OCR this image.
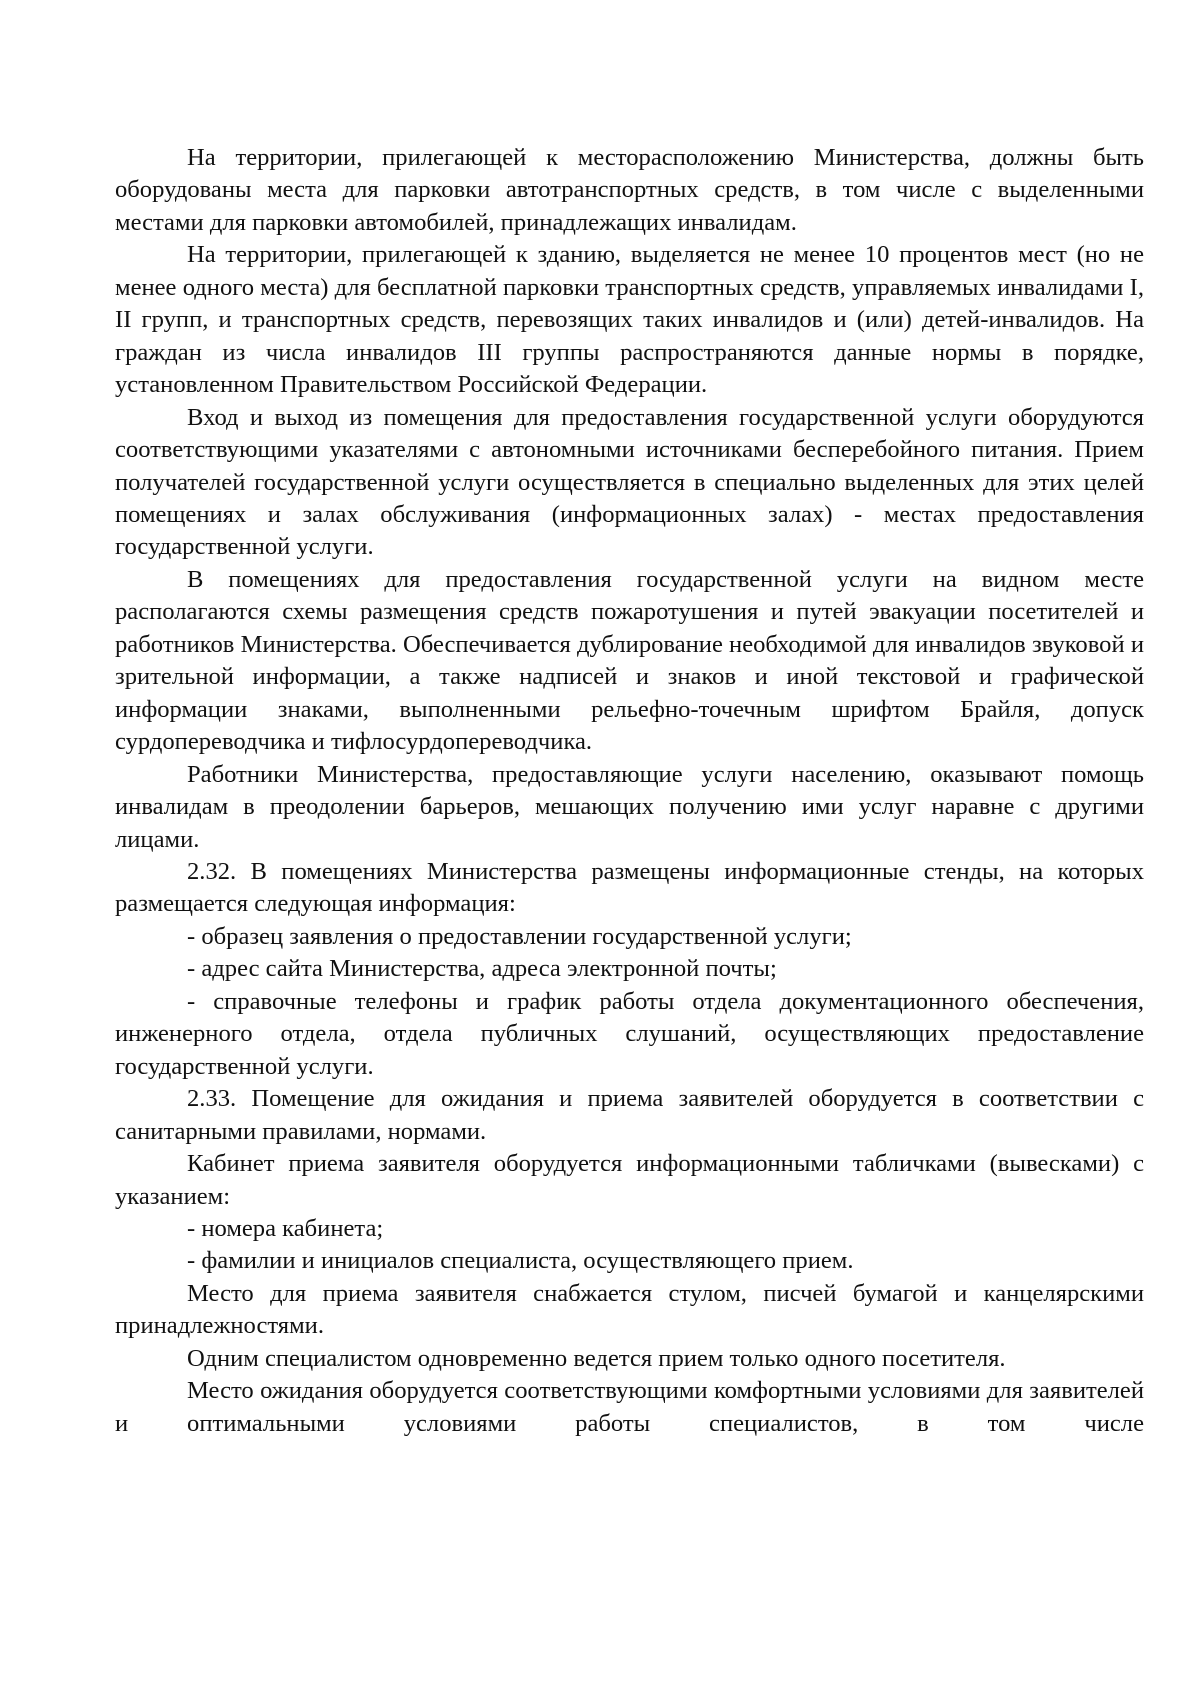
На территории, прилегающей к месторасположению Министерства, должны быть оборудованы места для парковки автотранспортных средств, в том числе с выделенными местами для парковки автомобилей, принадлежащих инвалидам.

На территории, прилегающей к зданию, выделяется не менее 10 процентов мест (но не менее одного места) для бесплатной парковки транспортных средств, управляемых инвалидами I, II групп, и транспортных средств, перевозящих таких инвалидов и (или) детей-инвалидов. На граждан из числа инвалидов III группы распространяются данные нормы в порядке, установленном Правительством Российской Федерации.

Вход и выход из помещения для предоставления государственной услуги оборудуются соответствующими указателями с автономными источниками бесперебойного питания. Прием получателей государственной услуги осуществляется в специально выделенных для этих целей помещениях и залах обслуживания (информационных залах) - местах предоставления государственной услуги.

В помещениях для предоставления государственной услуги на видном месте располагаются схемы размещения средств пожаротушения и путей эвакуации посетителей и работников Министерства. Обеспечивается дублирование необходимой для инвалидов звуковой и зрительной информации, а также надписей и знаков и иной текстовой и графической информации знаками, выполненными рельефно-точечным шрифтом Брайля, допуск сурдопереводчика и тифлосурдопереводчика.

Работники Министерства, предоставляющие услуги населению, оказывают помощь инвалидам в преодолении барьеров, мешающих получению ими услуг наравне с другими лицами.

2.32. В помещениях Министерства размещены информационные стенды, на которых размещается следующая информация:

- образец заявления о предоставлении государственной услуги;

- адрес сайта Министерства, адреса электронной почты;

- справочные телефоны и график работы отдела документационного обеспечения, инженерного отдела, отдела публичных слушаний, осуществляющих предоставление государственной услуги.

2.33. Помещение для ожидания и приема заявителей оборудуется в соответствии с санитарными правилами, нормами.

Кабинет приема заявителя оборудуется информационными табличками (вывесками) с указанием:

- номера кабинета;

- фамилии и инициалов специалиста, осуществляющего прием.

Место для приема заявителя снабжается стулом, писчей бумагой и канцелярскими принадлежностями.

Одним специалистом одновременно ведется прием только одного посетителя.

Место ожидания оборудуется соответствующими комфортными условиями для заявителей и оптимальными условиями работы специалистов, в том числе
